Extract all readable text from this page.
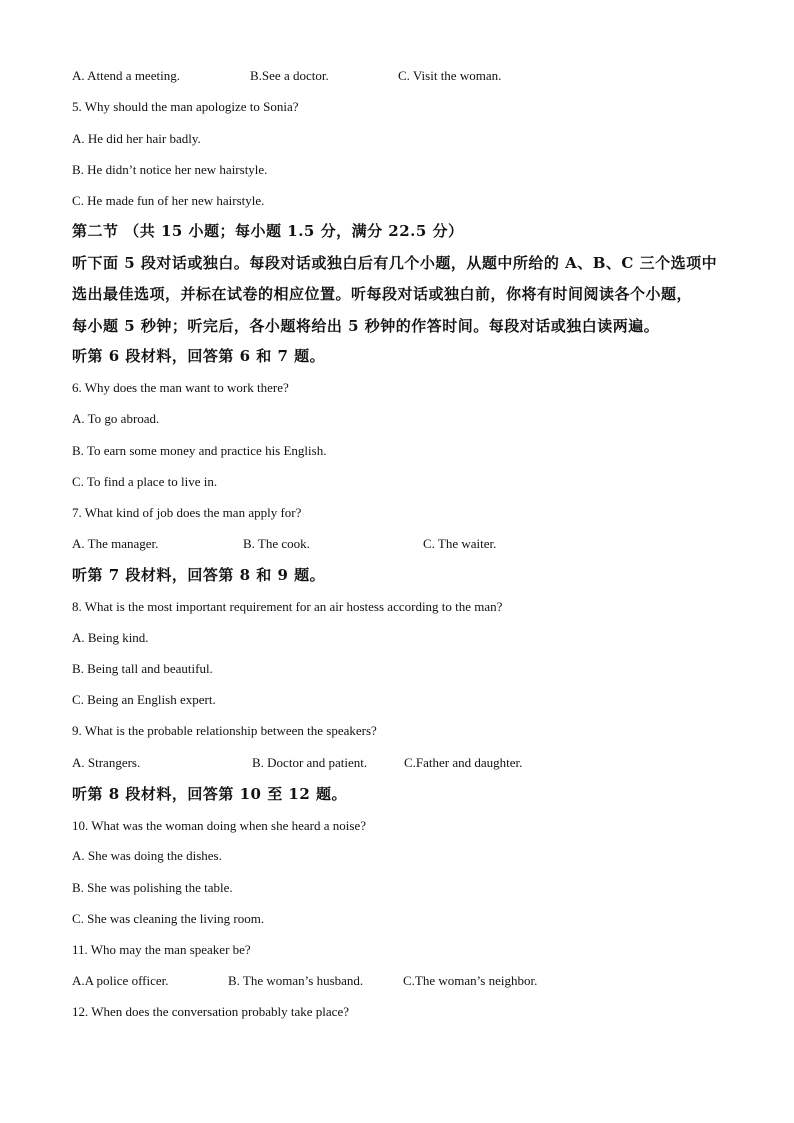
A. Attend a meeting.	B.See a doctor.	C. Visit the woman.
5. Why should the man apologize to Sonia?
A. He did her hair badly.
B. He didn’t notice her new hairstyle.
C. He made fun of her new hairstyle.
第二节 （共 15 小题；每小题 1.5 分，满分 22.5 分）
听下面 5 段对话或独白。每段对话或独白后有几个小题，从题中所给的 A、B、C 三个选项中
选出最佳选项，并标在试卷的相应位置。听每段对话或独白前，你将有时间阅读各个小题，
每小题 5 秒钟；听完后，各小题将给出 5 秒钟的作答时间。每段对话或独白读两遍。
听第 6 段材料，回答第 6 和 7 题。
6. Why does the man want to work there?
A. To go abroad.
B. To earn some money and practice his English.
C. To find a place to live in.
7. What kind of job does the man apply for?
A. The manager.	B. The cook.	C. The waiter.
听第 7 段材料，回答第 8 和 9 题。
8. What is the most important requirement for an air hostess according to the man?
A. Being kind.
B. Being tall and beautiful.
C. Being an English expert.
9. What is the probable relationship between the speakers?
A. Strangers.	B. Doctor and patient.	C.Father and daughter.
听第 8 段材料，回答第 10 至 12 题。
10. What was the woman doing when she heard a noise?
A. She was doing the dishes.
B. She was polishing the table.
C. She was cleaning the living room.
11. Who may the man speaker be?
A.A police officer.	B. The woman’s husband.	C.The woman’s neighbor.
12. When does the conversation probably take place?
